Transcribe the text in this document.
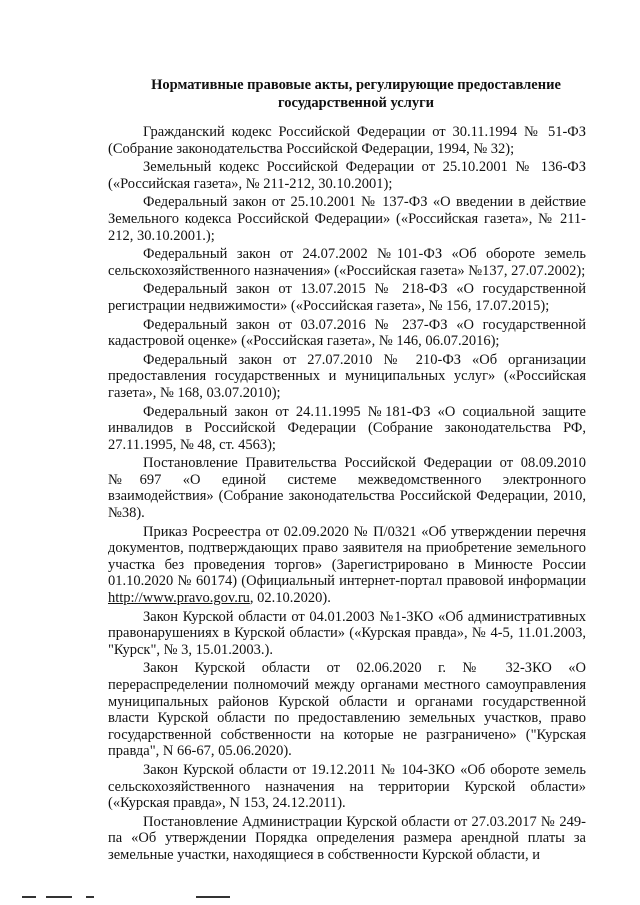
Нормативные правовые акты, регулирующие предоставление
государственной услуги

Гражданский кодекс Российской Федерации от 30.11.1994 № 51-ФЗ (Собрание законодательства Российской Федерации, 1994, № 32);

Земельный кодекс Российской Федерации от 25.10.2001 № 136-ФЗ («Российская газета», № 211-212, 30.10.2001);

Федеральный закон от 25.10.2001 № 137-ФЗ «О введении в действие Земельного кодекса Российской Федерации» («Российская газета», № 211-212, 30.10.2001.);

Федеральный закон от 24.07.2002 №101-ФЗ «Об обороте земель сельскохозяйственного назначения» («Российская газета» №137, 27.07.2002);

Федеральный закон от 13.07.2015 № 218-ФЗ «О государственной регистрации недвижимости» («Российская газета», № 156, 17.07.2015);

Федеральный закон от 03.07.2016 № 237-ФЗ «О государственной кадастровой оценке» («Российская газета», № 146, 06.07.2016);

Федеральный закон от 27.07.2010 № 210-ФЗ «Об организации предоставления государственных и муниципальных услуг» («Российская газета», № 168, 03.07.2010);

Федеральный закон от 24.11.1995 №181-ФЗ «О социальной защите инвалидов в Российской Федерации (Собрание законодательства РФ, 27.11.1995, № 48, ст. 4563);

Постановление Правительства Российской Федерации от 08.09.2010 №697 «О единой системе межведомственного электронного взаимодействия» (Собрание законодательства Российской Федерации, 2010, №38).

Приказ Росреестра от 02.09.2020 № П/0321 «Об утверждении перечня документов, подтверждающих право заявителя на приобретение земельного участка без проведения торгов» (Зарегистрировано в Минюсте России 01.10.2020 № 60174) (Официальный интернет-портал правовой информации http://www.pravo.gov.ru, 02.10.2020).

Закон Курской области от 04.01.2003 №1-ЗКО «Об административных правонарушениях в Курской области» («Курская правда», № 4-5, 11.01.2003, "Курск", № 3, 15.01.2003.).

Закон Курской области от 02.06.2020 г. № 32-ЗКО «О перераспределении полномочий между органами местного самоуправления муниципальных районов Курской области и органами государственной власти Курской области по предоставлению земельных участков, право государственной собственности на которые не разграничено» ("Курская правда", N 66-67, 05.06.2020).

Закон Курской области от 19.12.2011 № 104-ЗКО «Об обороте земель сельскохозяйственного назначения на территории Курской области» («Курская правда», N 153, 24.12.2011).

Постановление Администрации Курской области от 27.03.2017 № 249-па «Об утверждении Порядка определения размера арендной платы за земельные участки, находящиеся в собственности Курской области, и
